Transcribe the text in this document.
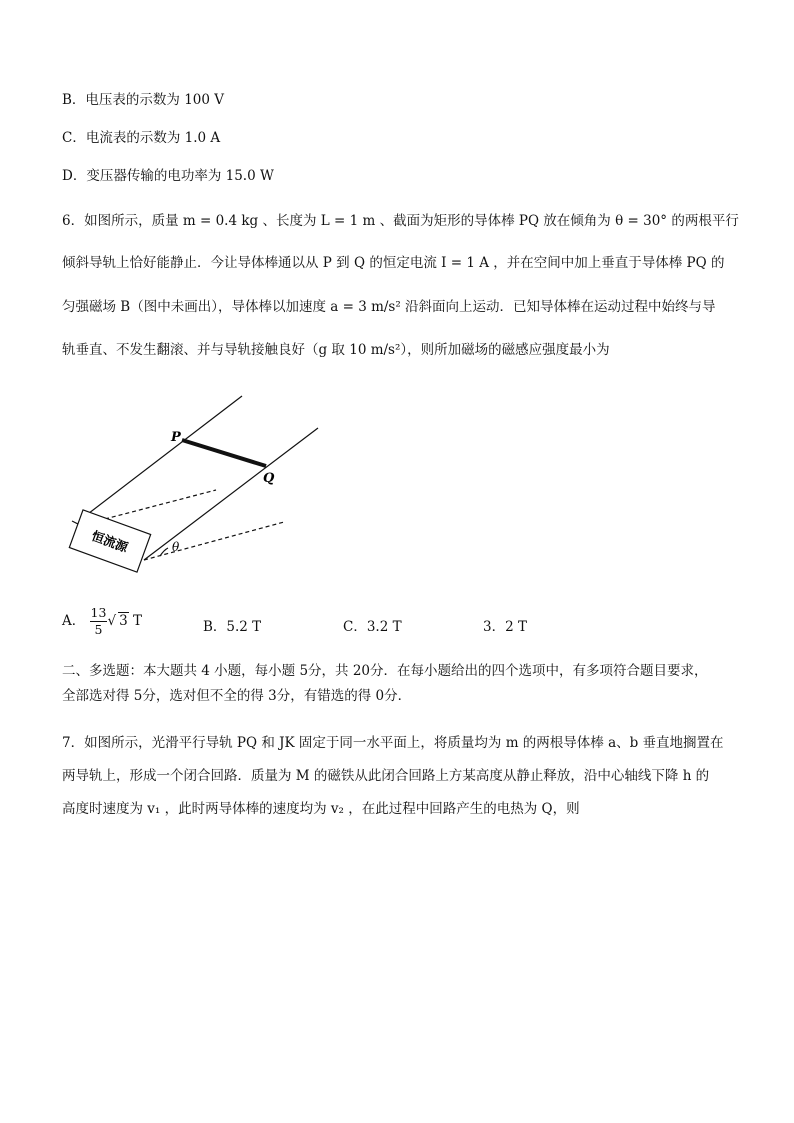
B．电压表的示数为 100 V
C．电流表的示数为 1.0 A
D．变压器传输的电功率为 15.0 W
6．如图所示，质量 m = 0.4 kg 、长度为 L = 1 m 、截面为矩形的导体棒 PQ 放在倾角为 θ = 30° 的两根平行
倾斜导轨上恰好能静止．今让导体棒通以从 P 到 Q 的恒定电流 I = 1 A ，并在空间中加上垂直于导体棒 PQ 的
匀强磁场 B（图中未画出），导体棒以加速度 a = 3 m/s² 沿斜面向上运动．已知导体棒在运动过程中始终与导
轨垂直、不发生翻滚、并与导轨接触良好（g 取 10 m/s²），则所加磁场的磁感应强度最小为
恒流源
P
Q
θ
A． $\frac{13}{5}$ √ 3 T	B．5.2 T	C．3.2 T	3．2 T
二、多选题：本大题共 4 小题，每小题 5分，共 20分．在每小题给出的四个选项中，有多项符合题目要求，
全部选对得 5分，选对但不全的得 3分，有错选的得 0分．
7．如图所示，光滑平行导轨 PQ 和 JK 固定于同一水平面上，将质量均为 m 的两根导体棒 a、b 垂直地搁置在
两导轨上，形成一个闭合回路．质量为 M 的磁铁从此闭合回路上方某高度从静止释放，沿中心轴线下降 h 的
高度时速度为 v₁ ，此时两导体棒的速度均为 v₂ ，在此过程中回路产生的电热为 Q，则
